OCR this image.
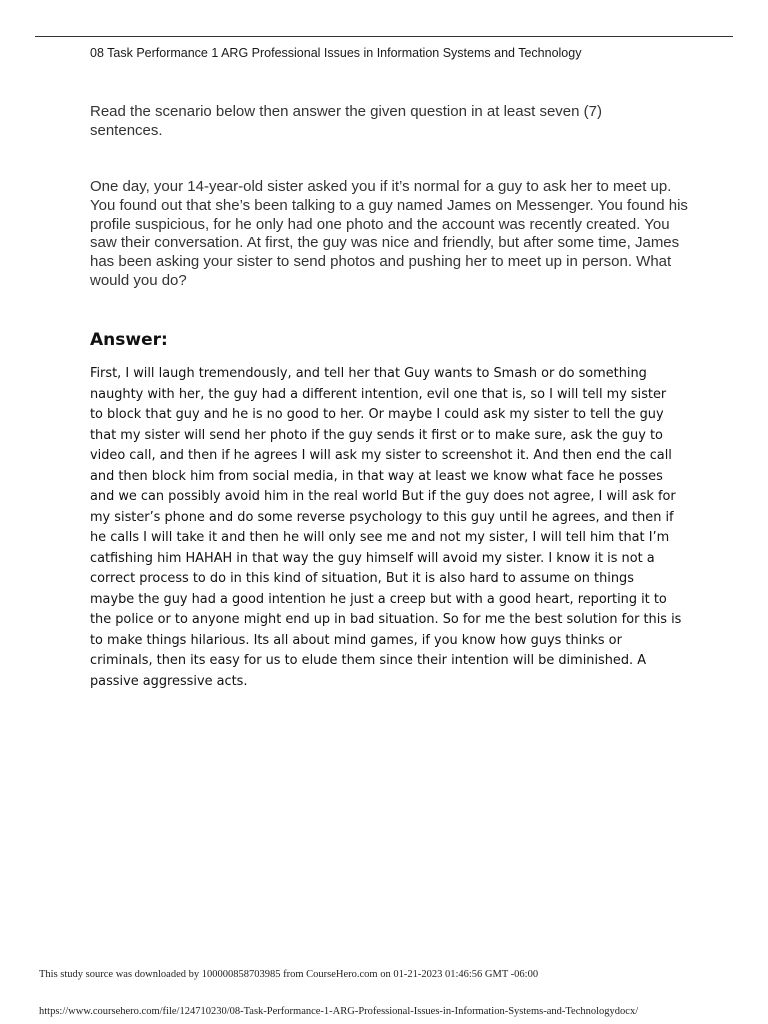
08 Task Performance 1 ARG Professional Issues in Information Systems and Technology
Read the scenario below then answer the given question in at least seven (7) sentences.
One day, your 14-year-old sister asked you if it’s normal for a guy to ask her to meet up. You found out that she’s been talking to a guy named James on Messenger. You found his profile suspicious, for he only had one photo and the account was recently created. You saw their conversation. At first, the guy was nice and friendly, but after some time, James has been asking your sister to send photos and pushing her to meet up in person. What would you do?
Answer:
First, I will laugh tremendously, and tell her that Guy wants to Smash or do something naughty with her, the guy had a different intention, evil one that is, so I will tell my sister to block that guy and he is no good to her. Or maybe I could ask my sister to tell the guy that my sister will send her photo if the guy sends it first or to make sure, ask the guy to video call, and then if he agrees I will ask my sister to screenshot it. And then end the call and then block him from social media, in that way at least we know what face he posses and we can possibly avoid him in the real world But if the guy does not agree, I will ask for my sister’s phone and do some reverse psychology to this guy until he agrees, and then if he calls I will take it and then he will only see me and not my sister, I will tell him that I’m catfishing him HAHAH in that way the guy himself will avoid my sister. I know it is not a correct process to do in this kind of situation, But it is also hard to assume on things maybe the guy had a good intention he just a creep but with a good heart, reporting it to the police or to anyone might end up in bad situation. So for me the best solution for this is to make things hilarious. Its all about mind games, if you know how guys thinks or criminals, then its easy for us to elude them since their intention will be diminished. A passive aggressive acts.
This study source was downloaded by 100000858703985 from CourseHero.com on 01-21-2023 01:46:56 GMT -06:00
https://www.coursehero.com/file/124710230/08-Task-Performance-1-ARG-Professional-Issues-in-Information-Systems-and-Technologydocx/
